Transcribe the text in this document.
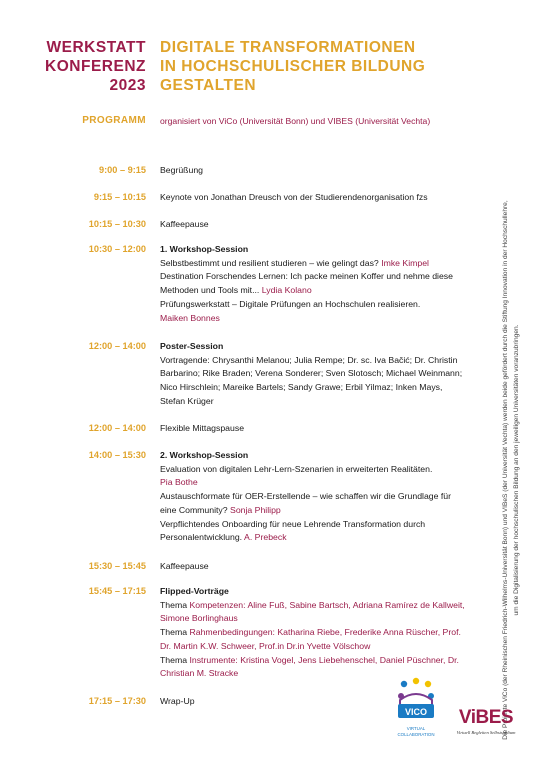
WERKSTATT
KONFERENZ
2023
DIGITALE TRANSFORMATIONEN
IN HOCHSCHULISCHER BILDUNG
GESTALTEN
PROGRAMM organisiert von ViCo (Universität Bonn) und VIBES (Universität Vechta)
9:00 – 9:15 Begrüßung
9:15 – 10:15 Keynote von Jonathan Dreusch von der Studierendenorganisation fzs
10:15 – 10:30 Kaffeepause
10:30 – 12:00 1. Workshop-Session
Selbstbestimmt und resilient studieren – wie gelingt das? Imke Kimpel
Destination Forschendes Lernen: Ich packe meinen Koffer und nehme diese Methoden und Tools mit... Lydia Kolano
Prüfungswerkstatt – Digitale Prüfungen an Hochschulen realisieren.
Maiken Bonnes
12:00 – 14:00 Poster-Session
Vortragende: Chrysanthi Melanou; Julia Rempe; Dr. sc. Iva Bačić; Dr. Christin Barbarino; Rike Braden; Verena Sonderer; Sven Slotosch; Michael Weinmann; Nico Hirschlein; Mareike Bartels; Sandy Grawe; Erbil Yilmaz; Inken Mays, Stefan Krüger
12:00 – 14:00 Flexible Mittagspause
14:00 – 15:30 2. Workshop-Session
Evaluation von digitalen Lehr-Lern-Szenarien in erweiterten Realitäten.
Pia Bothe
Austauschformate für OER-Erstellende – wie schaffen wir die Grundlage für eine Community? Sonja Philipp
Verpflichtendes Onboarding für neue Lehrende Transformation durch Personalentwicklung. A. Prebeck
15:30 – 15:45 Kaffeepause
15:45 – 17:15 Flipped-Vorträge
Thema Kompetenzen: Aline Fuß, Sabine Bartsch, Adriana Ramírez de Kallweit, Simone Borlinghaus
Thema Rahmenbedingungen: Katharina Riebe, Frederike Anna Rüscher, Prof. Dr. Martin K.W. Schweer, Prof.in Dr.in Yvette Völschow
Thema Instrumente: Kristina Vogel, Jens Liebehenschel, Daniel Püschner, Dr. Christian M. Stracke
17:15 – 17:30 Wrap-Up	Die Projekte ViCo (der Rheinischen Friedrich-Wilhelms-Universität Bonn) und VIBeS (der Universität Vechta) werden beide gefördert durch die Stiftung Innovation in der Hochschullehre, um die Digitalisierung der hochschulischen Bildung an den jeweiligen Universitäten voranzubringen.
VICO
VIRTUAL
COLLABORATION
ViBES
Virtuell Begleiten Selbststudium
